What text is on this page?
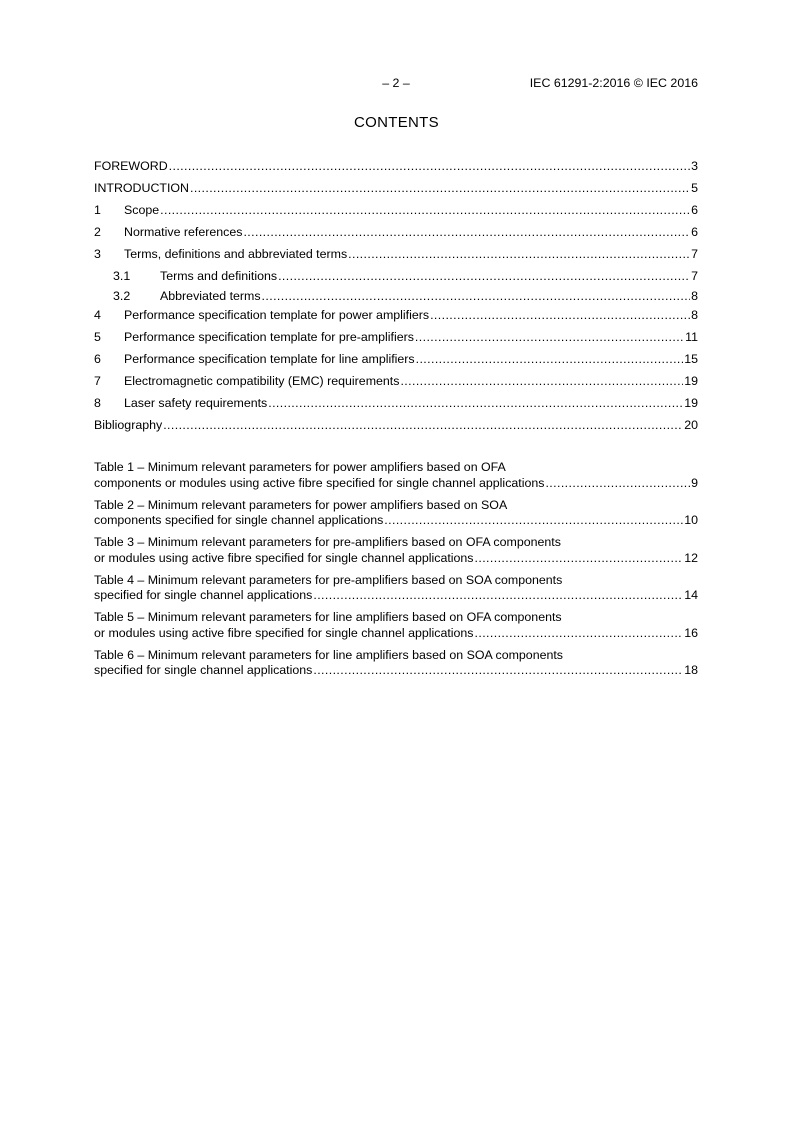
– 2 –	IEC 61291-2:2016 © IEC 2016
CONTENTS
FOREWORD .....	3
INTRODUCTION .....	5
1	Scope .....	6
2	Normative references .....	6
3	Terms, definitions and abbreviated terms .....	7
3.1	Terms and definitions .....	7
3.2	Abbreviated terms .....	8
4	Performance specification template for power amplifiers .....	8
5	Performance specification template for pre-amplifiers .....	11
6	Performance specification template for line amplifiers .....	15
7	Electromagnetic compatibility (EMC) requirements .....	19
8	Laser safety requirements .....	19
Bibliography .....	20
Table 1 – Minimum relevant parameters for power amplifiers based on OFA
components or modules using active fibre specified for single channel applications .....	9
Table 2 – Minimum relevant parameters for power amplifiers based on SOA
components specified for single channel applications .....	10
Table 3 – Minimum relevant parameters for pre-amplifiers based on OFA components
or modules using active fibre specified for single channel applications .....	12
Table 4 – Minimum relevant parameters for pre-amplifiers based on SOA components
specified for single channel applications .....	14
Table 5 – Minimum relevant parameters for line amplifiers based on OFA components
or modules using active fibre specified for single channel applications .....	16
Table 6 – Minimum relevant parameters for line amplifiers based on SOA components
specified for single channel applications .....	18
